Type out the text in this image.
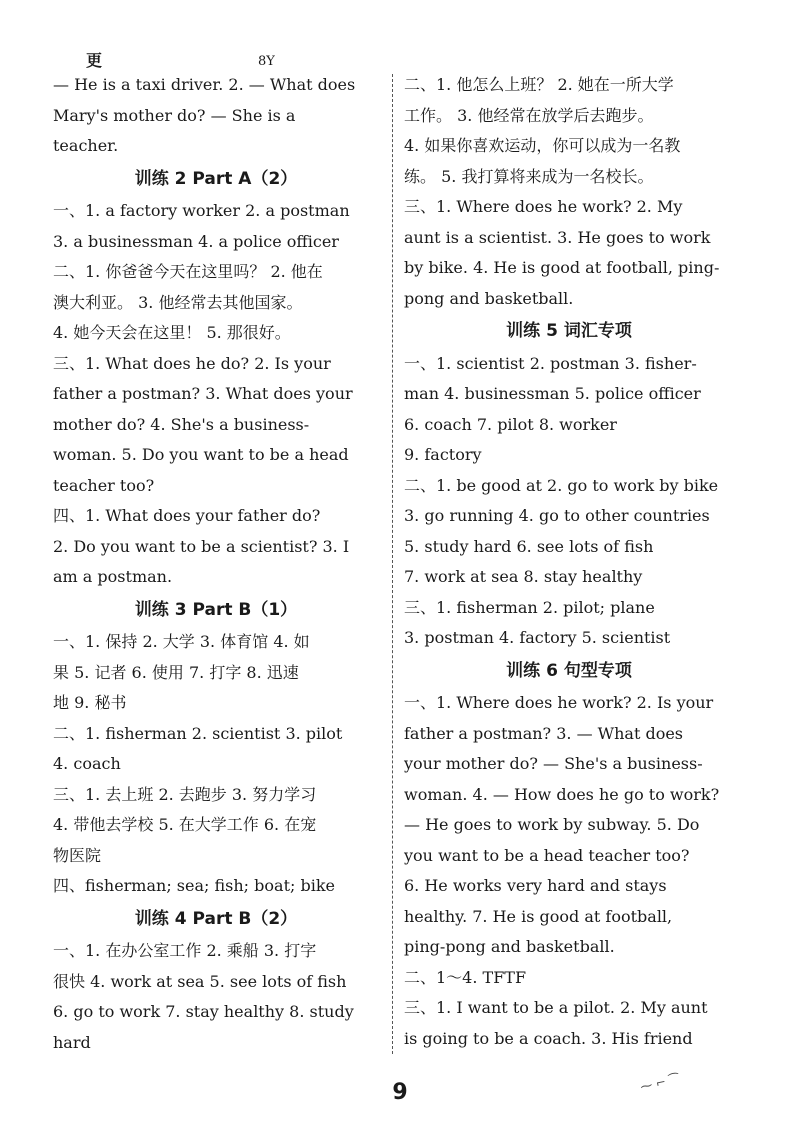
更	8Y
— He is a taxi driver. 2. — What does
Mary's mother do? — She is a
teacher.
训练 2 Part A（2）
一、1. a factory worker 2. a postman
3. a businessman 4. a police officer
二、1. 你爸爸今天在这里吗？ 2. 他在
澳大利亚。 3. 他经常去其他国家。
4. 她今天会在这里！ 5. 那很好。
三、1. What does he do? 2. Is your
father a postman? 3. What does your
mother do? 4. She's a business-
woman. 5. Do you want to be a head
teacher too?
四、1. What does your father do?
2. Do you want to be a scientist? 3. I
am a postman.
训练 3 Part B（1）
一、1. 保持 2. 大学 3. 体育馆 4. 如
果 5. 记者 6. 使用 7. 打字 8. 迅速
地 9. 秘书
二、1. fisherman 2. scientist 3. pilot
4. coach
三、1. 去上班 2. 去跑步 3. 努力学习
4. 带他去学校 5. 在大学工作 6. 在宠
物医院
四、fisherman; sea; fish; boat; bike
训练 4 Part B（2）
一、1. 在办公室工作 2. 乘船 3. 打字
很快 4. work at sea 5. see lots of fish
6. go to work 7. stay healthy 8. study
hard
二、1. 他怎么上班？ 2. 她在一所大学
工作。 3. 他经常在放学后去跑步。
4. 如果你喜欢运动，你可以成为一名教
练。 5. 我打算将来成为一名校长。
三、1. Where does he work? 2. My
aunt is a scientist. 3. He goes to work
by bike. 4. He is good at football, ping-
pong and basketball.
训练 5 词汇专项
一、1. scientist 2. postman 3. fisher-
man 4. businessman 5. police officer
6. coach 7. pilot 8. worker
9. factory
二、1. be good at 2. go to work by bike
3. go running 4. go to other countries
5. study hard 6. see lots of fish
7. work at sea 8. stay healthy
三、1. fisherman 2. pilot; plane
3. postman 4. factory 5. scientist
训练 6 句型专项
一、1. Where does he work? 2. Is your
father a postman? 3. — What does
your mother do? — She's a business-
woman. 4. — How does he go to work?
— He goes to work by subway. 5. Do
you want to be a head teacher too?
6. He works very hard and stays
healthy. 7. He is good at football,
ping-pong and basketball.
二、1～4. TFTF
三、1. I want to be a pilot. 2. My aunt
is going to be a coach. 3. His friend
9	⁓ ⌐ ⁀
